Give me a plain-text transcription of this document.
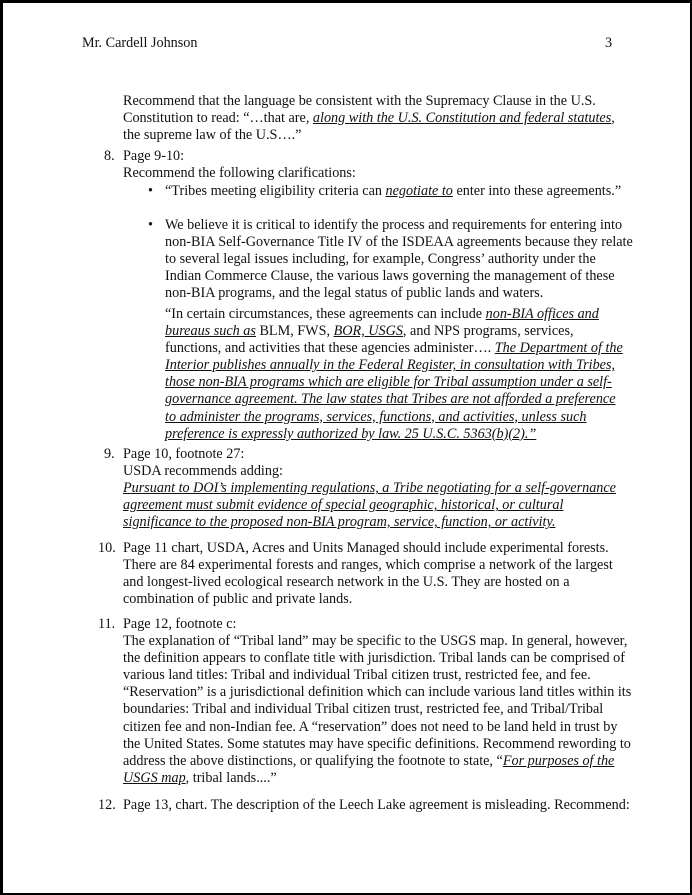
Mr. Cardell Johnson	3

Recommend that the language be consistent with the Supremacy Clause in the U.S.

Constitution to read: “…that are, along with the U.S. Constitution and federal statutes,

the supreme law of the U.S….”

8. Page 9-10:

Recommend the following clarifications:

• “Tribes meeting eligibility criteria can negotiate to enter into these agreements.”

• We believe it is critical to identify the process and requirements for entering into

non-BIA Self-Governance Title IV of the ISDEAA agreements because they relate

to several legal issues including, for example, Congress’ authority under the

Indian Commerce Clause, the various laws governing the management of these

non-BIA programs, and the legal status of public lands and waters.

“In certain circumstances, these agreements can include non-BIA offices and

bureaus such as BLM, FWS, BOR, USGS, and NPS programs, services,

functions, and activities that these agencies administer…. The Department of the

Interior publishes annually in the Federal Register, in consultation with Tribes,

those non-BIA programs which are eligible for Tribal assumption under a self-

governance agreement. The law states that Tribes are not afforded a preference

to administer the programs, services, functions, and activities, unless such

preference is expressly authorized by law. 25 U.S.C. 5363(b)(2).”

9. Page 10, footnote 27:

USDA recommends adding:

Pursuant to DOI’s implementing regulations, a Tribe negotiating for a self-governance

agreement must submit evidence of special geographic, historical, or cultural

significance to the proposed non-BIA program, service, function, or activity.

10. Page 11 chart, USDA, Acres and Units Managed should include experimental forests.

There are 84 experimental forests and ranges, which comprise a network of the largest

and longest-lived ecological research network in the U.S. They are hosted on a

combination of public and private lands.

11. Page 12, footnote c:

The explanation of “Tribal land” may be specific to the USGS map. In general, however,

the definition appears to conflate title with jurisdiction. Tribal lands can be comprised of

various land titles: Tribal and individual Tribal citizen trust, restricted fee, and fee.

“Reservation” is a jurisdictional definition which can include various land titles within its

boundaries: Tribal and individual Tribal citizen trust, restricted fee, and Tribal/Tribal

citizen fee and non-Indian fee. A “reservation” does not need to be land held in trust by

the United States. Some statutes may have specific definitions. Recommend rewording to

address the above distinctions, or qualifying the footnote to state, “For purposes of the

USGS map, tribal lands....”

12. Page 13, chart. The description of the Leech Lake agreement is misleading. Recommend:
